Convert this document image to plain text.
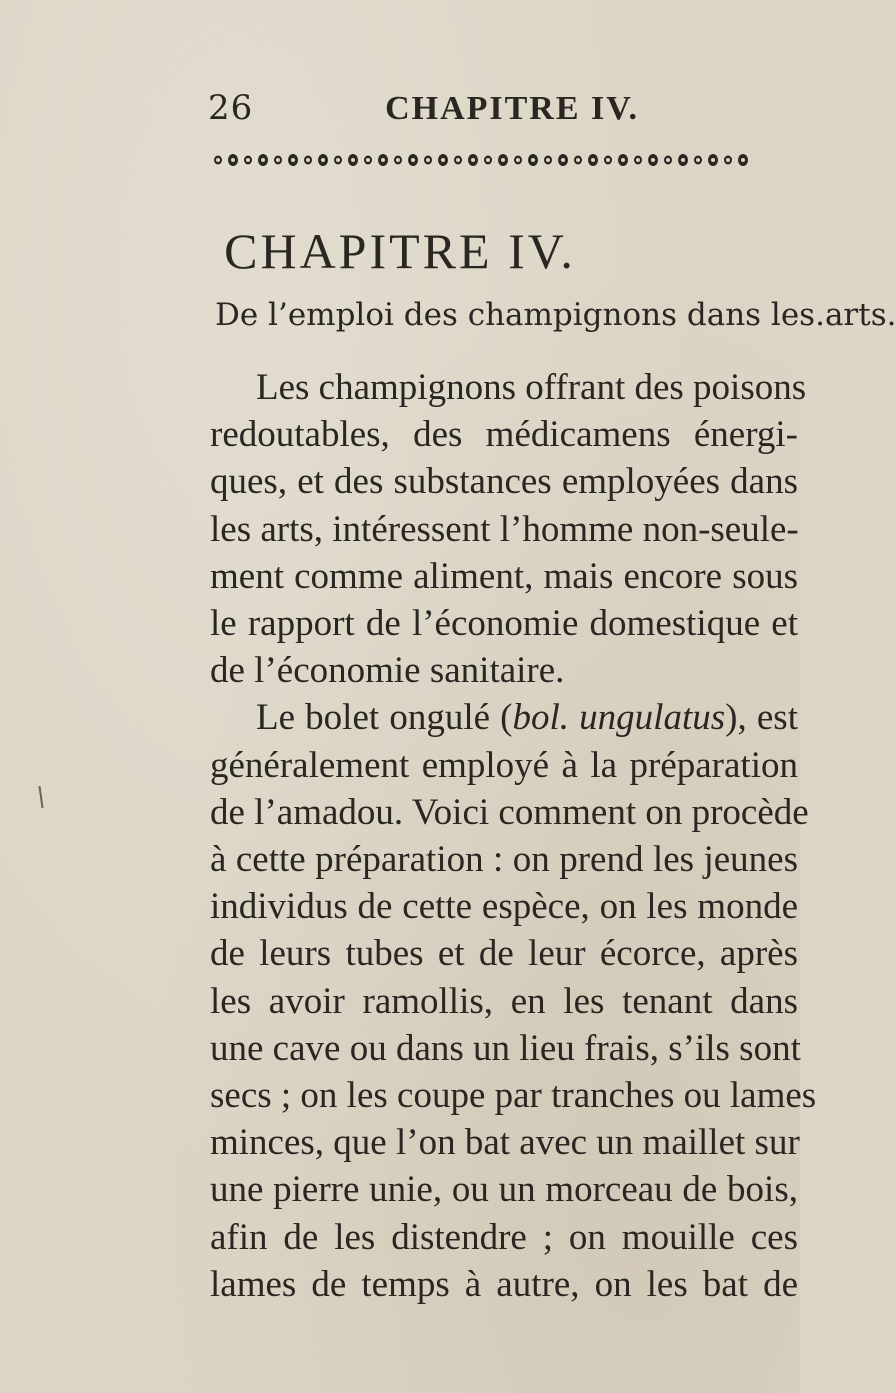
26	CHAPITRE IV.
CHAPITRE IV.
De l’emploi des champignons dans les.arts.
Les champignons offrant des poisons
redoutables, des médicamens énergi-
ques, et des substances employées dans
les arts, intéressent l’homme non-seule-
ment comme aliment, mais encore sous
le rapport de l’économie domestique et
de l’économie sanitaire.
Le bolet ongulé (bol. ungulatus), est
généralement employé à la préparation
de l’amadou. Voici comment on procède
à cette préparation : on prend les jeunes
individus de cette espèce, on les monde
de leurs tubes et de leur écorce, après
les avoir ramollis, en les tenant dans
une cave ou dans un lieu frais, s’ils sont
secs ; on les coupe par tranches ou lames
minces, que l’on bat avec un maillet sur
une pierre unie, ou un morceau de bois,
afin de les distendre ; on mouille ces
lames de temps à autre, on les bat de
